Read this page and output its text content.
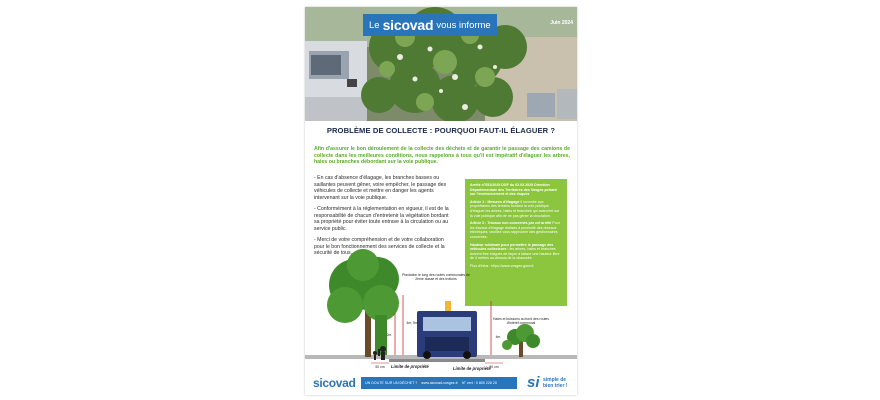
Le sicovad vous informe	Juin 2024
PROBLÈME DE COLLECTE : POURQUOI FAUT-IL ÉLAGUER ?
Afin d'assurer le bon déroulement de la collecte des déchets et de garantir le passage des camions de collecte dans les meilleures conditions, nous rappelons à tous qu'il est impératif d'élaguer les arbres, haies ou branches débordant sur la voie publique.

- En cas d'absence d'élagage, les branches basses ou saillantes peuvent gêner, voire empêcher, le passage des véhicules de collecte et mettre en danger les agents intervenant sur la voie publique.

- Conformément à la réglementation en vigueur, il est de la responsabilité de chacun d'entretenir la végétation bordant sa propriété pour éviter toute entrave à la circulation ou au service public.

- Merci de votre compréhension et de votre collaboration pour le bon fonctionnement des services de collecte et la sécurité de tous.

Arrêté n°051/2025 DGF du 02.02.2025 Direction Départementale des Territoires des Vosges portant sur l'environnement et des risques

Article 1 : Mesures d'élagage Il incombe aux propriétaires des terrains bordant la voie publique d'élaguer les arbres, haies et branches qui avancent sur la voie publique afin de ne pas gêner la circulation.

Article 2 : Travaux non concernés par cet arrêté Pour les travaux d'élagage réalisés à proximité des réseaux électriques, veuillez vous rapprocher des gestionnaires concernés.

Hauteur minimale pour permettre le passage des véhicules collecteurs : les arbres, haies et branches doivent être élagués de façon à laisser une hauteur libre de 4 mètres au-dessus de la chaussée.

Plus d'infos : https://www.vosges.gouv.fr

Plantation le long des routes communales de 2ème classe et des trottoirs
Haies et buissons au bord des routes d'intérêt communal
2m
4m, 5m
4m
50 cm	50 cm
Limite de propriété	Limite de propriété
sicovad	UN DOUTE SUR UN DÉCHET ? www.sicovad-vosges.fr N° vert : 0 800 228 20 si simple de
bien trier !
